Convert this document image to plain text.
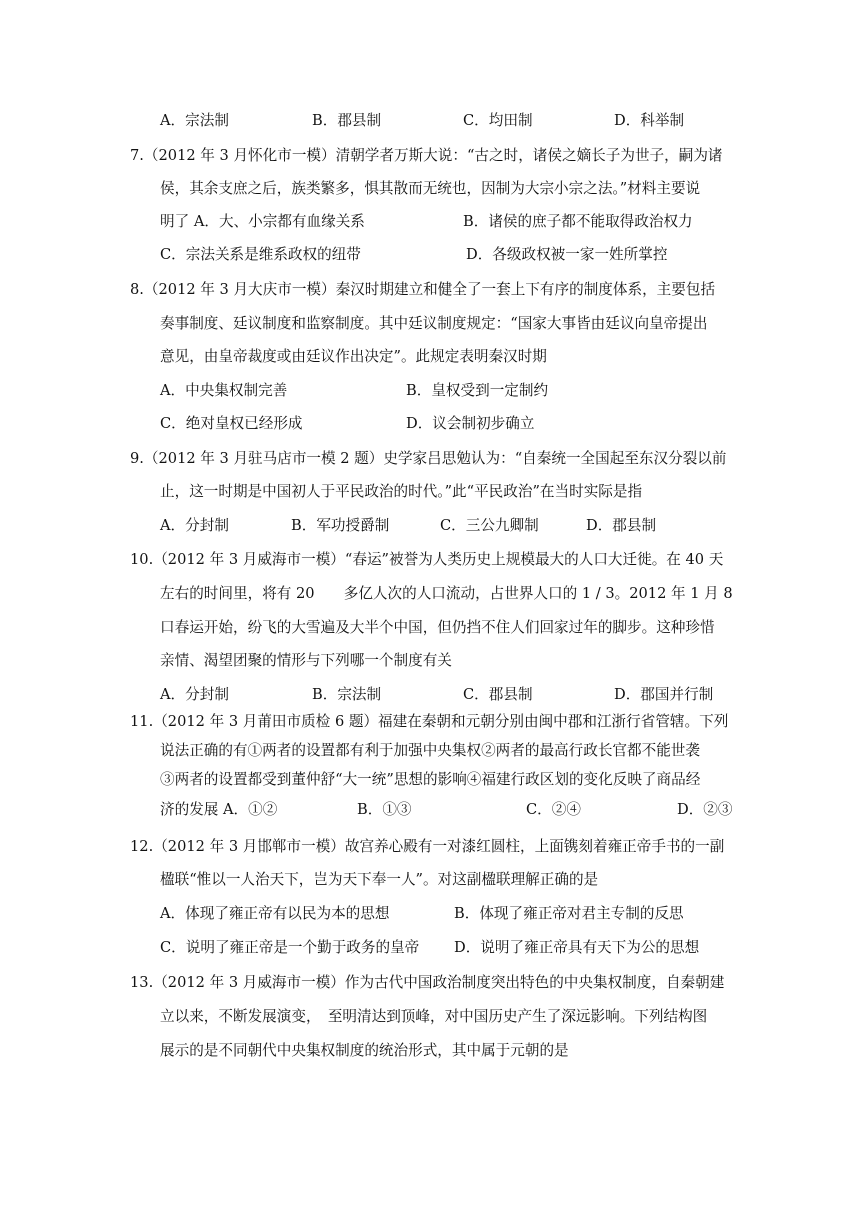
A．宗法制	B．郡县制	C．均田制	D．科举制
7.（2012 年 3 月怀化市一模）清朝学者万斯大说：“古之时，诸侯之嫡长子为世子，嗣为诸
侯，其余支庶之后，族类繁多，惧其散而无统也，因制为大宗小宗之法。”材料主要说
明了 A．大、小宗都有血缘关系	B．诸侯的庶子都不能取得政治权力
C．宗法关系是维系政权的纽带	D．各级政权被一家一姓所掌控
8.（2012 年 3 月大庆市一模）秦汉时期建立和健全了一套上下有序的制度体系，主要包括
奏事制度、廷议制度和监察制度。其中廷议制度规定：“国家大事皆由廷议向皇帝提出
意见，由皇帝裁度或由廷议作出决定”。此规定表明秦汉时期
A．中央集权制完善	B．皇权受到一定制约
C．绝对皇权已经形成	D．议会制初步确立
9.（2012 年 3 月驻马店市一模 2 题）史学家吕思勉认为：“自秦统一全国起至东汉分裂以前
止，这一时期是中国初人于平民政治的时代。”此“平民政治”在当时实际是指
A．分封制	B．军功授爵制	C．三公九卿制	D．郡县制
10.（2012 年 3 月威海市一模）“春运”被誉为人类历史上规模最大的人口大迁徙。在 40 天
左右的时间里，将有 20　　多亿人次的人口流动，占世界人口的 1 / 3。2012 年 1 月 8
口春运开始，纷飞的大雪遍及大半个中国，但仍挡不住人们回家过年的脚步。这种珍惜
亲情、渴望团聚的情形与下列哪一个制度有关
A．分封制	B．宗法制	C．郡县制	D．郡国并行制
11.（2012 年 3 月莆田市质检 6 题）福建在秦朝和元朝分别由闽中郡和江浙行省管辖。下列
说法正确的有①两者的设置都有利于加强中央集权②两者的最高行政长官都不能世袭
③两者的设置都受到董仲舒“大一统”思想的影响④福建行政区划的变化反映了商品经
济的发展 A．①②	B．①③	C．②④	D．②③
12.（2012 年 3 月邯郸市一模）故宫养心殿有一对漆红圆柱，上面镌刻着雍正帝手书的一副
楹联“惟以一人治天下，岂为天下奉一人”。对这副楹联理解正确的是
A．体现了雍正帝有以民为本的思想	B．体现了雍正帝对君主专制的反思
C．说明了雍正帝是一个勤于政务的皇帝 D．说明了雍正帝具有天下为公的思想
13.（2012 年 3 月威海市一模）作为古代中国政治制度突出特色的中央集权制度，自秦朝建
立以来，不断发展演变，　至明清达到顶峰，对中国历史产生了深远影响。下列结构图
展示的是不同朝代中央集权制度的统治形式，其中属于元朝的是
